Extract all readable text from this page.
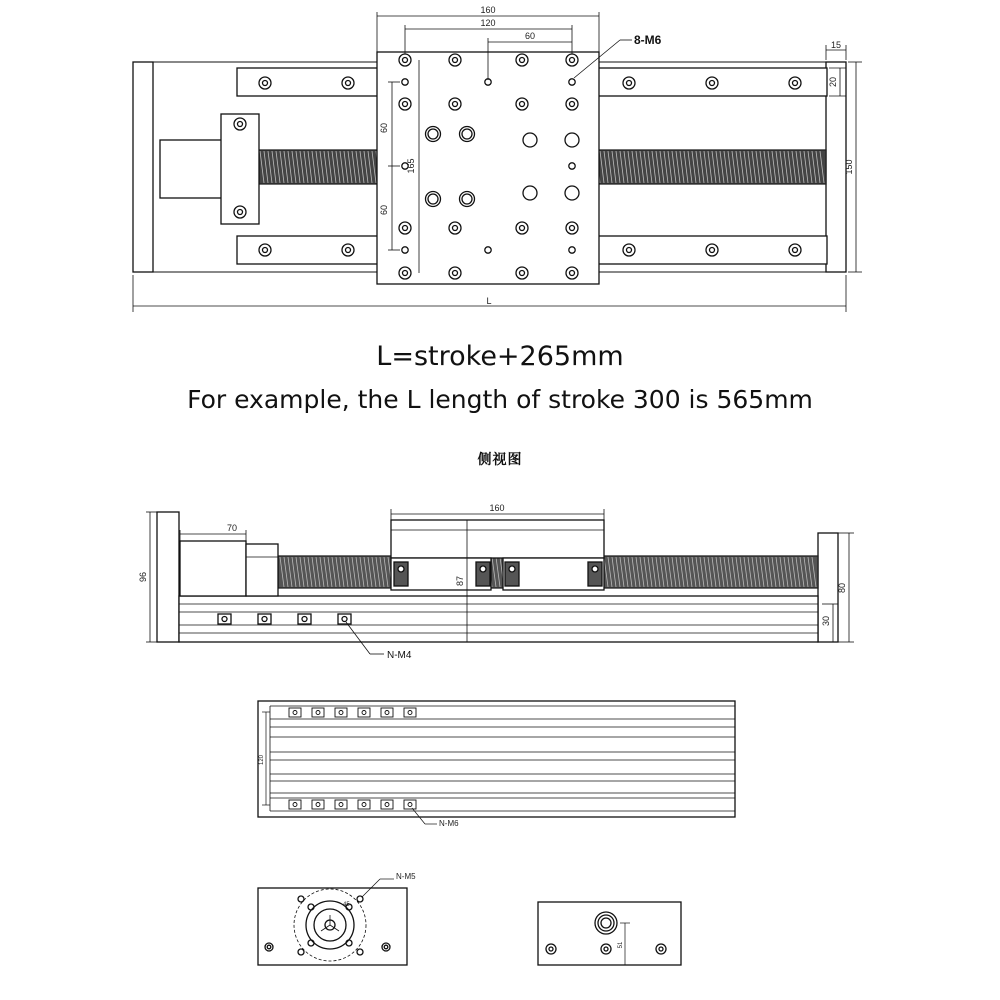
160
120
60
60
60
165
15
20
150
L
8-M6
160
70
96	87
80
30
N-M4
120
N-M6
45
N-M5
51
L=stroke+265mm
For example, the L length of stroke 300 is 565mm
侧视图
